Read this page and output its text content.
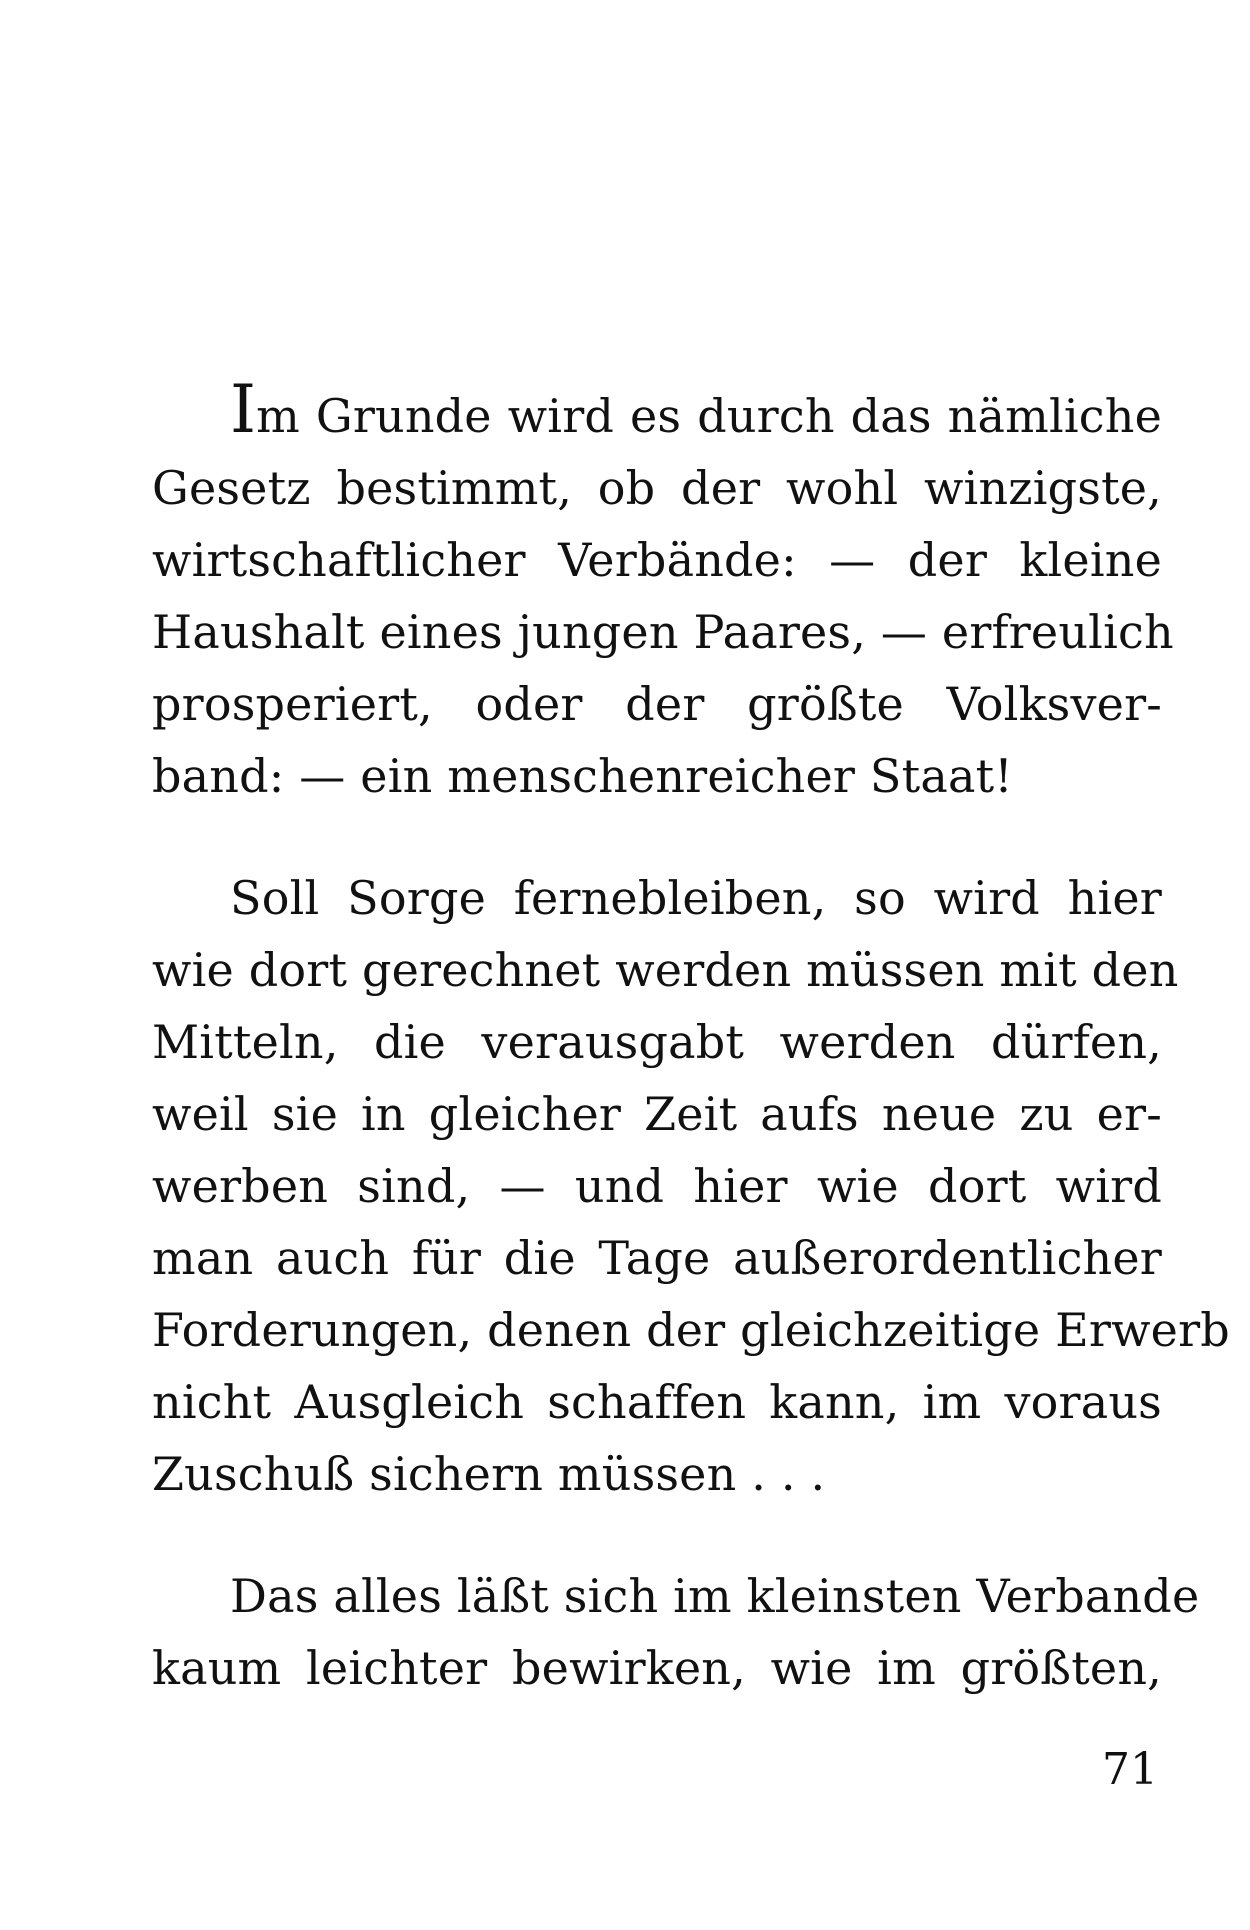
Im Grunde wird es durch das nämliche
Gesetz bestimmt, ob der wohl winzigste,
wirtschaftlicher Verbände: — der kleine
Haushalt eines jungen Paares, — erfreulich
prosperiert, oder der größte Volksver-
band: — ein menschenreicher Staat!
Soll Sorge fernebleiben, so wird hier
wie dort gerechnet werden müssen mit den
Mitteln, die verausgabt werden dürfen,
weil sie in gleicher Zeit aufs neue zu er-
werben sind, — und hier wie dort wird
man auch für die Tage außerordentlicher
Forderungen, denen der gleichzeitige Erwerb
nicht Ausgleich schaffen kann, im voraus
Zuschuß sichern müssen . . .
Das alles läßt sich im kleinsten Verbande
kaum leichter bewirken, wie im größten,
71
